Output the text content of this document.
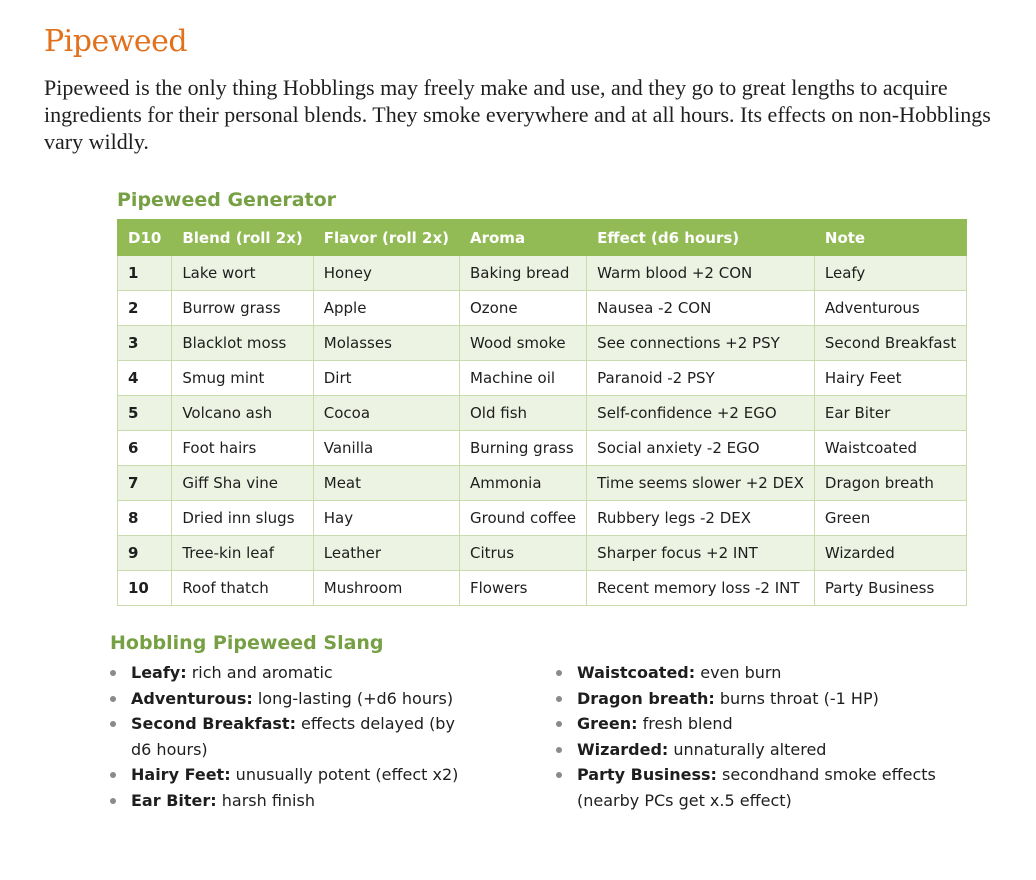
Pipeweed

Pipeweed is the only thing Hobblings may freely make and use, and they go to great lengths to acquire ingredients for their personal blends. They smoke everywhere and at all hours. Its effects on non-Hobblings vary wildly.

Pipeweed Generator
D10	Blend (roll 2x)	Flavor (roll 2x)	Aroma	Effect (d6 hours)	Note
1	Lake wort	Honey	Baking bread	Warm blood +2 CON	Leafy
2	Burrow grass	Apple	Ozone	Nausea -2 CON	Adventurous
3	Blacklot moss	Molasses	Wood smoke	See connections +2 PSY	Second Breakfast
4	Smug mint	Dirt	Machine oil	Paranoid -2 PSY	Hairy Feet
5	Volcano ash	Cocoa	Old fish	Self-confidence +2 EGO	Ear Biter
6	Foot hairs	Vanilla	Burning grass	Social anxiety -2 EGO	Waistcoated
7	Giff Sha vine	Meat	Ammonia	Time seems slower +2 DEX	Dragon breath
8	Dried inn slugs	Hay	Ground coffee	Rubbery legs -2 DEX	Green
9	Tree-kin leaf	Leather	Citrus	Sharper focus +2 INT	Wizarded
10	Roof thatch	Mushroom	Flowers	Recent memory loss -2 INT	Party Business
Hobbling Pipeweed Slang
Leafy: rich and aromatic
Adventurous: long-lasting (+d6 hours)
Second Breakfast: effects delayed (by d6 hours)
Hairy Feet: unusually potent (effect x2)
Ear Biter: harsh finish
Waistcoated: even burn
Dragon breath: burns throat (-1 HP)
Green: fresh blend
Wizarded: unnaturally altered
Party Business: secondhand smoke effects (nearby PCs get x.5 effect)
